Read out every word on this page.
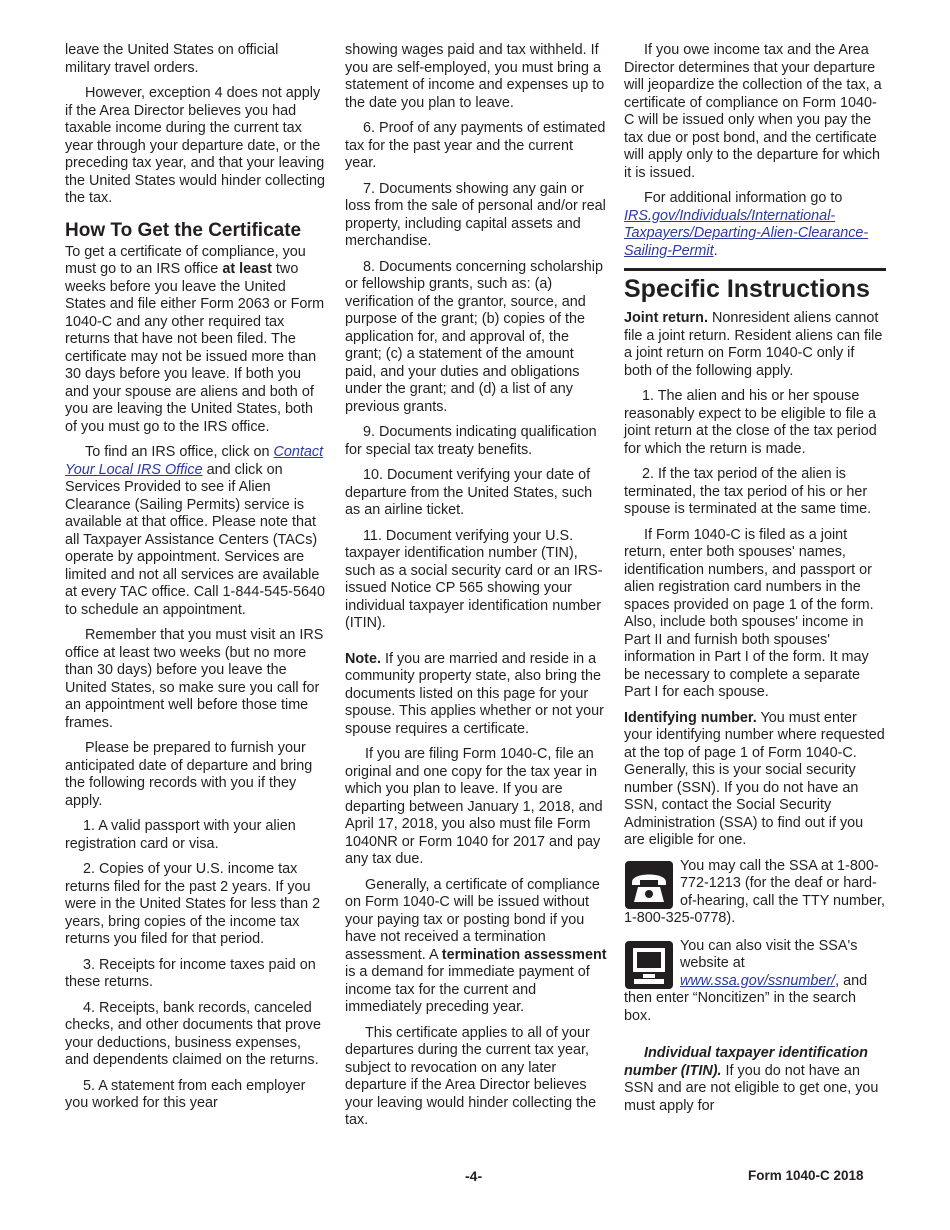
leave the United States on official military travel orders.

However, exception 4 does not apply if the Area Director believes you had taxable income during the current tax year through your departure date, or the preceding tax year, and that your leaving the United States would hinder collecting the tax.

How To Get the Certificate

To get a certificate of compliance, you must go to an IRS office at least two weeks before you leave the United States and file either Form 2063 or Form 1040-C and any other required tax returns that have not been filed. The certificate may not be issued more than 30 days before you leave. If both you and your spouse are aliens and both of you are leaving the United States, both of you must go to the IRS office.

To find an IRS office, click on Contact Your Local IRS Office and click on Services Provided to see if Alien Clearance (Sailing Permits) service is available at that office. Please note that all Taxpayer Assistance Centers (TACs) operate by appointment. Services are limited and not all services are available at every TAC office. Call 1-844-545-5640 to schedule an appointment.

Remember that you must visit an IRS office at least two weeks (but no more than 30 days) before you leave the United States, so make sure you call for an appointment well before those time frames.

Please be prepared to furnish your anticipated date of departure and bring the following records with you if they apply.

1. A valid passport with your alien registration card or visa.

2. Copies of your U.S. income tax returns filed for the past 2 years. If you were in the United States for less than 2 years, bring copies of the income tax returns you filed for that period.

3. Receipts for income taxes paid on these returns.

4. Receipts, bank records, canceled checks, and other documents that prove your deductions, business expenses, and dependents claimed on the returns.

5. A statement from each employer you worked for this year

showing wages paid and tax withheld. If you are self-employed, you must bring a statement of income and expenses up to the date you plan to leave.

6. Proof of any payments of estimated tax for the past year and the current year.

7. Documents showing any gain or loss from the sale of personal and/or real property, including capital assets and merchandise.

8. Documents concerning scholarship or fellowship grants, such as: (a) verification of the grantor, source, and purpose of the grant; (b) copies of the application for, and approval of, the grant; (c) a statement of the amount paid, and your duties and obligations under the grant; and (d) a list of any previous grants.

9. Documents indicating qualification for special tax treaty benefits.

10. Document verifying your date of departure from the United States, such as an airline ticket.

11. Document verifying your U.S. taxpayer identification number (TIN), such as a social security card or an IRS-issued Notice CP 565 showing your individual taxpayer identification number (ITIN).

Note. If you are married and reside in a community property state, also bring the documents listed on this page for your spouse. This applies whether or not your spouse requires a certificate.

If you are filing Form 1040-C, file an original and one copy for the tax year in which you plan to leave. If you are departing between January 1, 2018, and April 17, 2018, you also must file Form 1040NR or Form 1040 for 2017 and pay any tax due.

Generally, a certificate of compliance on Form 1040-C will be issued without your paying tax or posting bond if you have not received a termination assessment. A termination assessment is a demand for immediate payment of income tax for the current and immediately preceding year.

This certificate applies to all of your departures during the current tax year, subject to revocation on any later departure if the Area Director believes your leaving would hinder collecting the tax.

If you owe income tax and the Area Director determines that your departure will jeopardize the collection of the tax, a certificate of compliance on Form 1040-C will be issued only when you pay the tax due or post bond, and the certificate will apply only to the departure for which it is issued.

For additional information go to IRS.gov/Individuals/International-Taxpayers/Departing-Alien-Clearance-Sailing-Permit.

Specific Instructions

Joint return. Nonresident aliens cannot file a joint return. Resident aliens can file a joint return on Form 1040-C only if both of the following apply.

1. The alien and his or her spouse reasonably expect to be eligible to file a joint return at the close of the tax period for which the return is made.

2. If the tax period of the alien is terminated, the tax period of his or her spouse is terminated at the same time.

If Form 1040-C is filed as a joint return, enter both spouses' names, identification numbers, and passport or alien registration card numbers in the spaces provided on page 1 of the form. Also, include both spouses' income in Part II and furnish both spouses' information in Part I of the form. It may be necessary to complete a separate Part I for each spouse.

Identifying number. You must enter your identifying number where requested at the top of page 1 of Form 1040-C. Generally, this is your social security number (SSN). If you do not have an SSN, contact the Social Security Administration (SSA) to find out if you are eligible for one.

You may call the SSA at 1-800-772-1213 (for the deaf or hard-of-hearing, call the TTY number, 1-800-325-0778).
You can also visit the SSA's website at www.ssa.gov/ssnumber/, and then enter “Noncitizen” in the search box.

Individual taxpayer identification number (ITIN). If you do not have an SSN and are not eligible to get one, you must apply for

-4-	Form 1040-C 2018
